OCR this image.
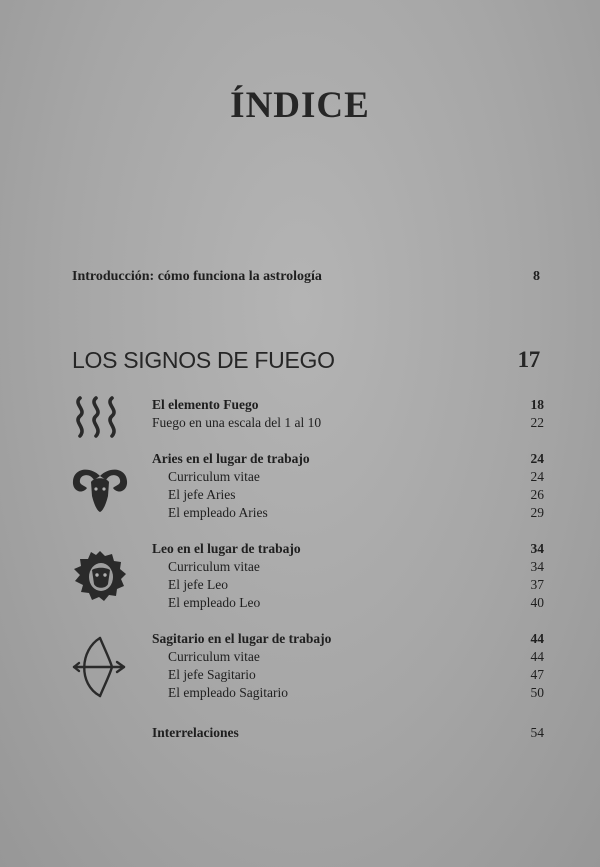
ÍNDICE
Introducción: cómo funciona la astrología	8
LOS SIGNOS DE FUEGO	17
El elemento Fuego	18
Fuego en una escala del 1 al 10	22
Aries en el lugar de trabajo	24
Curriculum vitae	24
El jefe Aries	26
El empleado Aries	29
Leo en el lugar de trabajo	34
Curriculum vitae	34
El jefe Leo	37
El empleado Leo	40
Sagitario en el lugar de trabajo	44
Curriculum vitae	44
El jefe Sagitario	47
El empleado Sagitario	50
Interrelaciones	54
